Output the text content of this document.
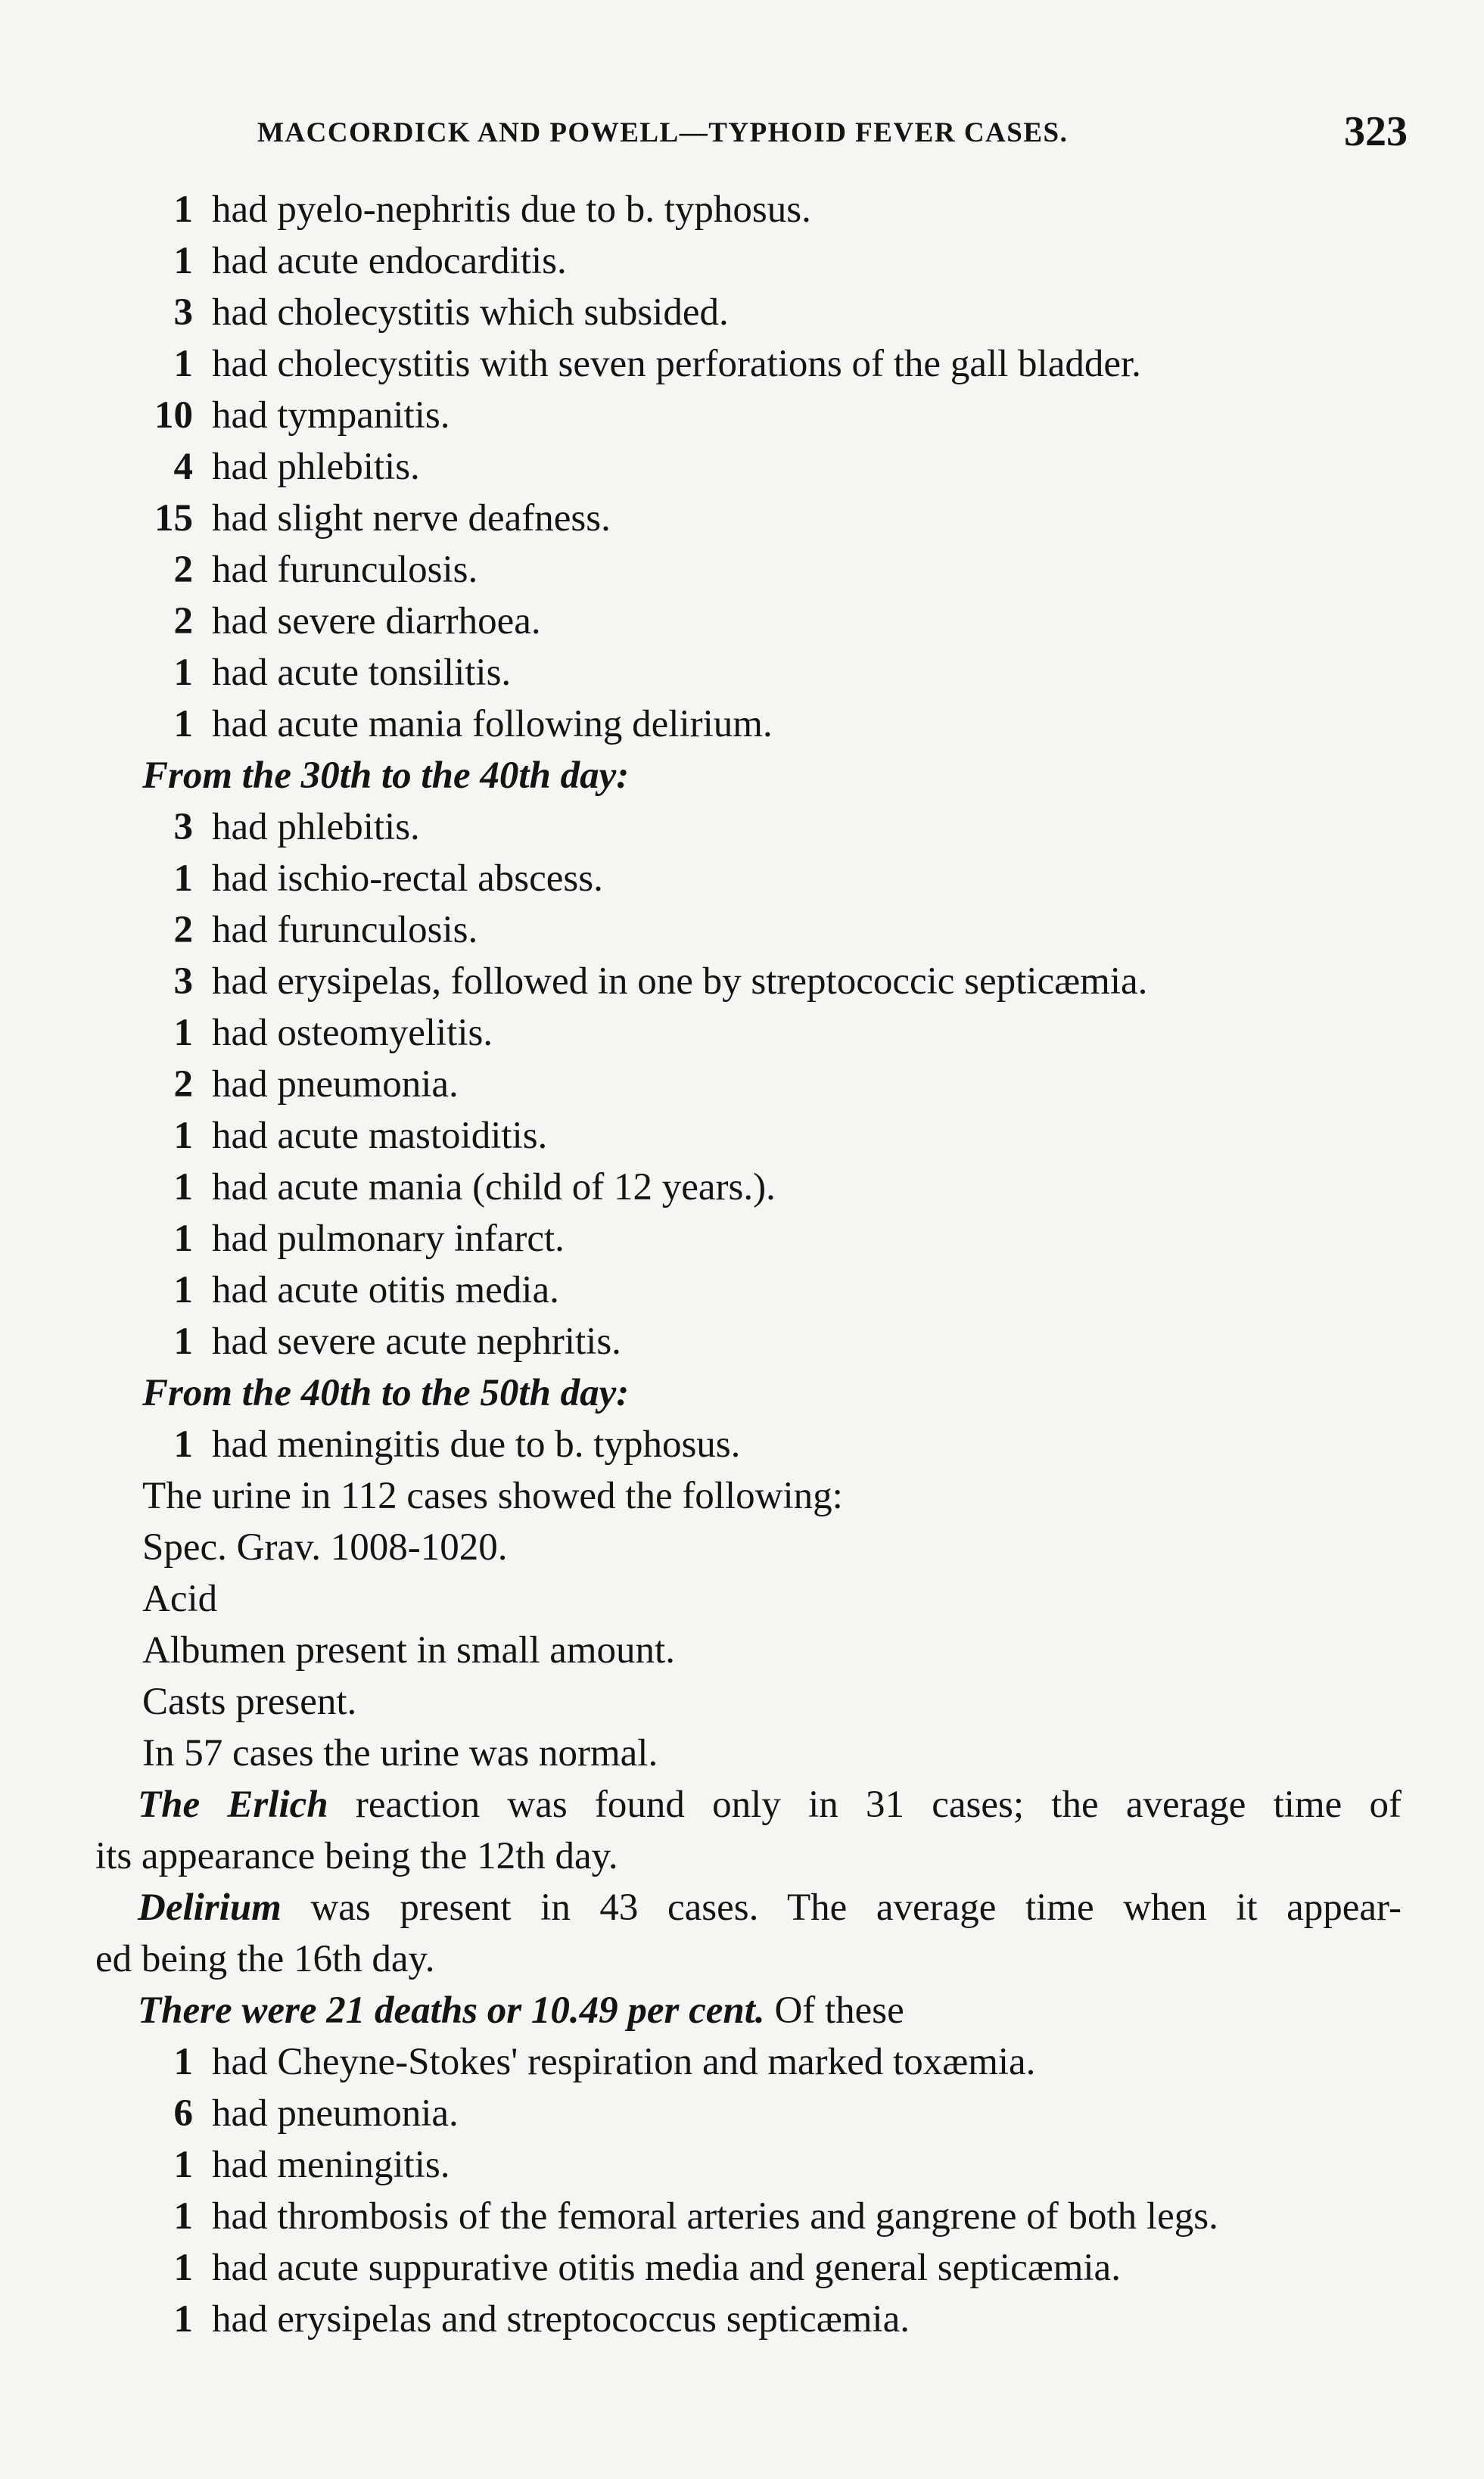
MACCORDICK AND POWELL—TYPHOID FEVER CASES.	323
1 had pyelo-nephritis due to b. typhosus.
1 had acute endocarditis.
3 had cholecystitis which subsided.
1 had cholecystitis with seven perforations of the gall bladder.
10 had tympanitis.
4 had phlebitis.
15 had slight nerve deafness.
2 had furunculosis.
2 had severe diarrhoea.
1 had acute tonsilitis.
1 had acute mania following delirium.
From the 30th to the 40th day:
3 had phlebitis.
1 had ischio-rectal abscess.
2 had furunculosis.
3 had erysipelas, followed in one by streptococcic septicæmia.
1 had osteomyelitis.
2 had pneumonia.
1 had acute mastoiditis.
1 had acute mania (child of 12 years.).
1 had pulmonary infarct.
1 had acute otitis media.
1 had severe acute nephritis.
From the 40th to the 50th day:
1 had meningitis due to b. typhosus.
The urine in 112 cases showed the following:
Spec. Grav. 1008-1020.
Acid
Albumen present in small amount.
Casts present.
In 57 cases the urine was normal.
The Erlich reaction was found only in 31 cases; the average time of
its appearance being the 12th day.
Delirium was present in 43 cases. The average time when it appear-
ed being the 16th day.
There were 21 deaths or 10.49 per cent. Of these
1 had Cheyne-Stokes' respiration and marked toxæmia.
6 had pneumonia.
1 had meningitis.
1 had thrombosis of the femoral arteries and gangrene of both legs.
1 had acute suppurative otitis media and general septicæmia.
1 had erysipelas and streptococcus septicæmia.
